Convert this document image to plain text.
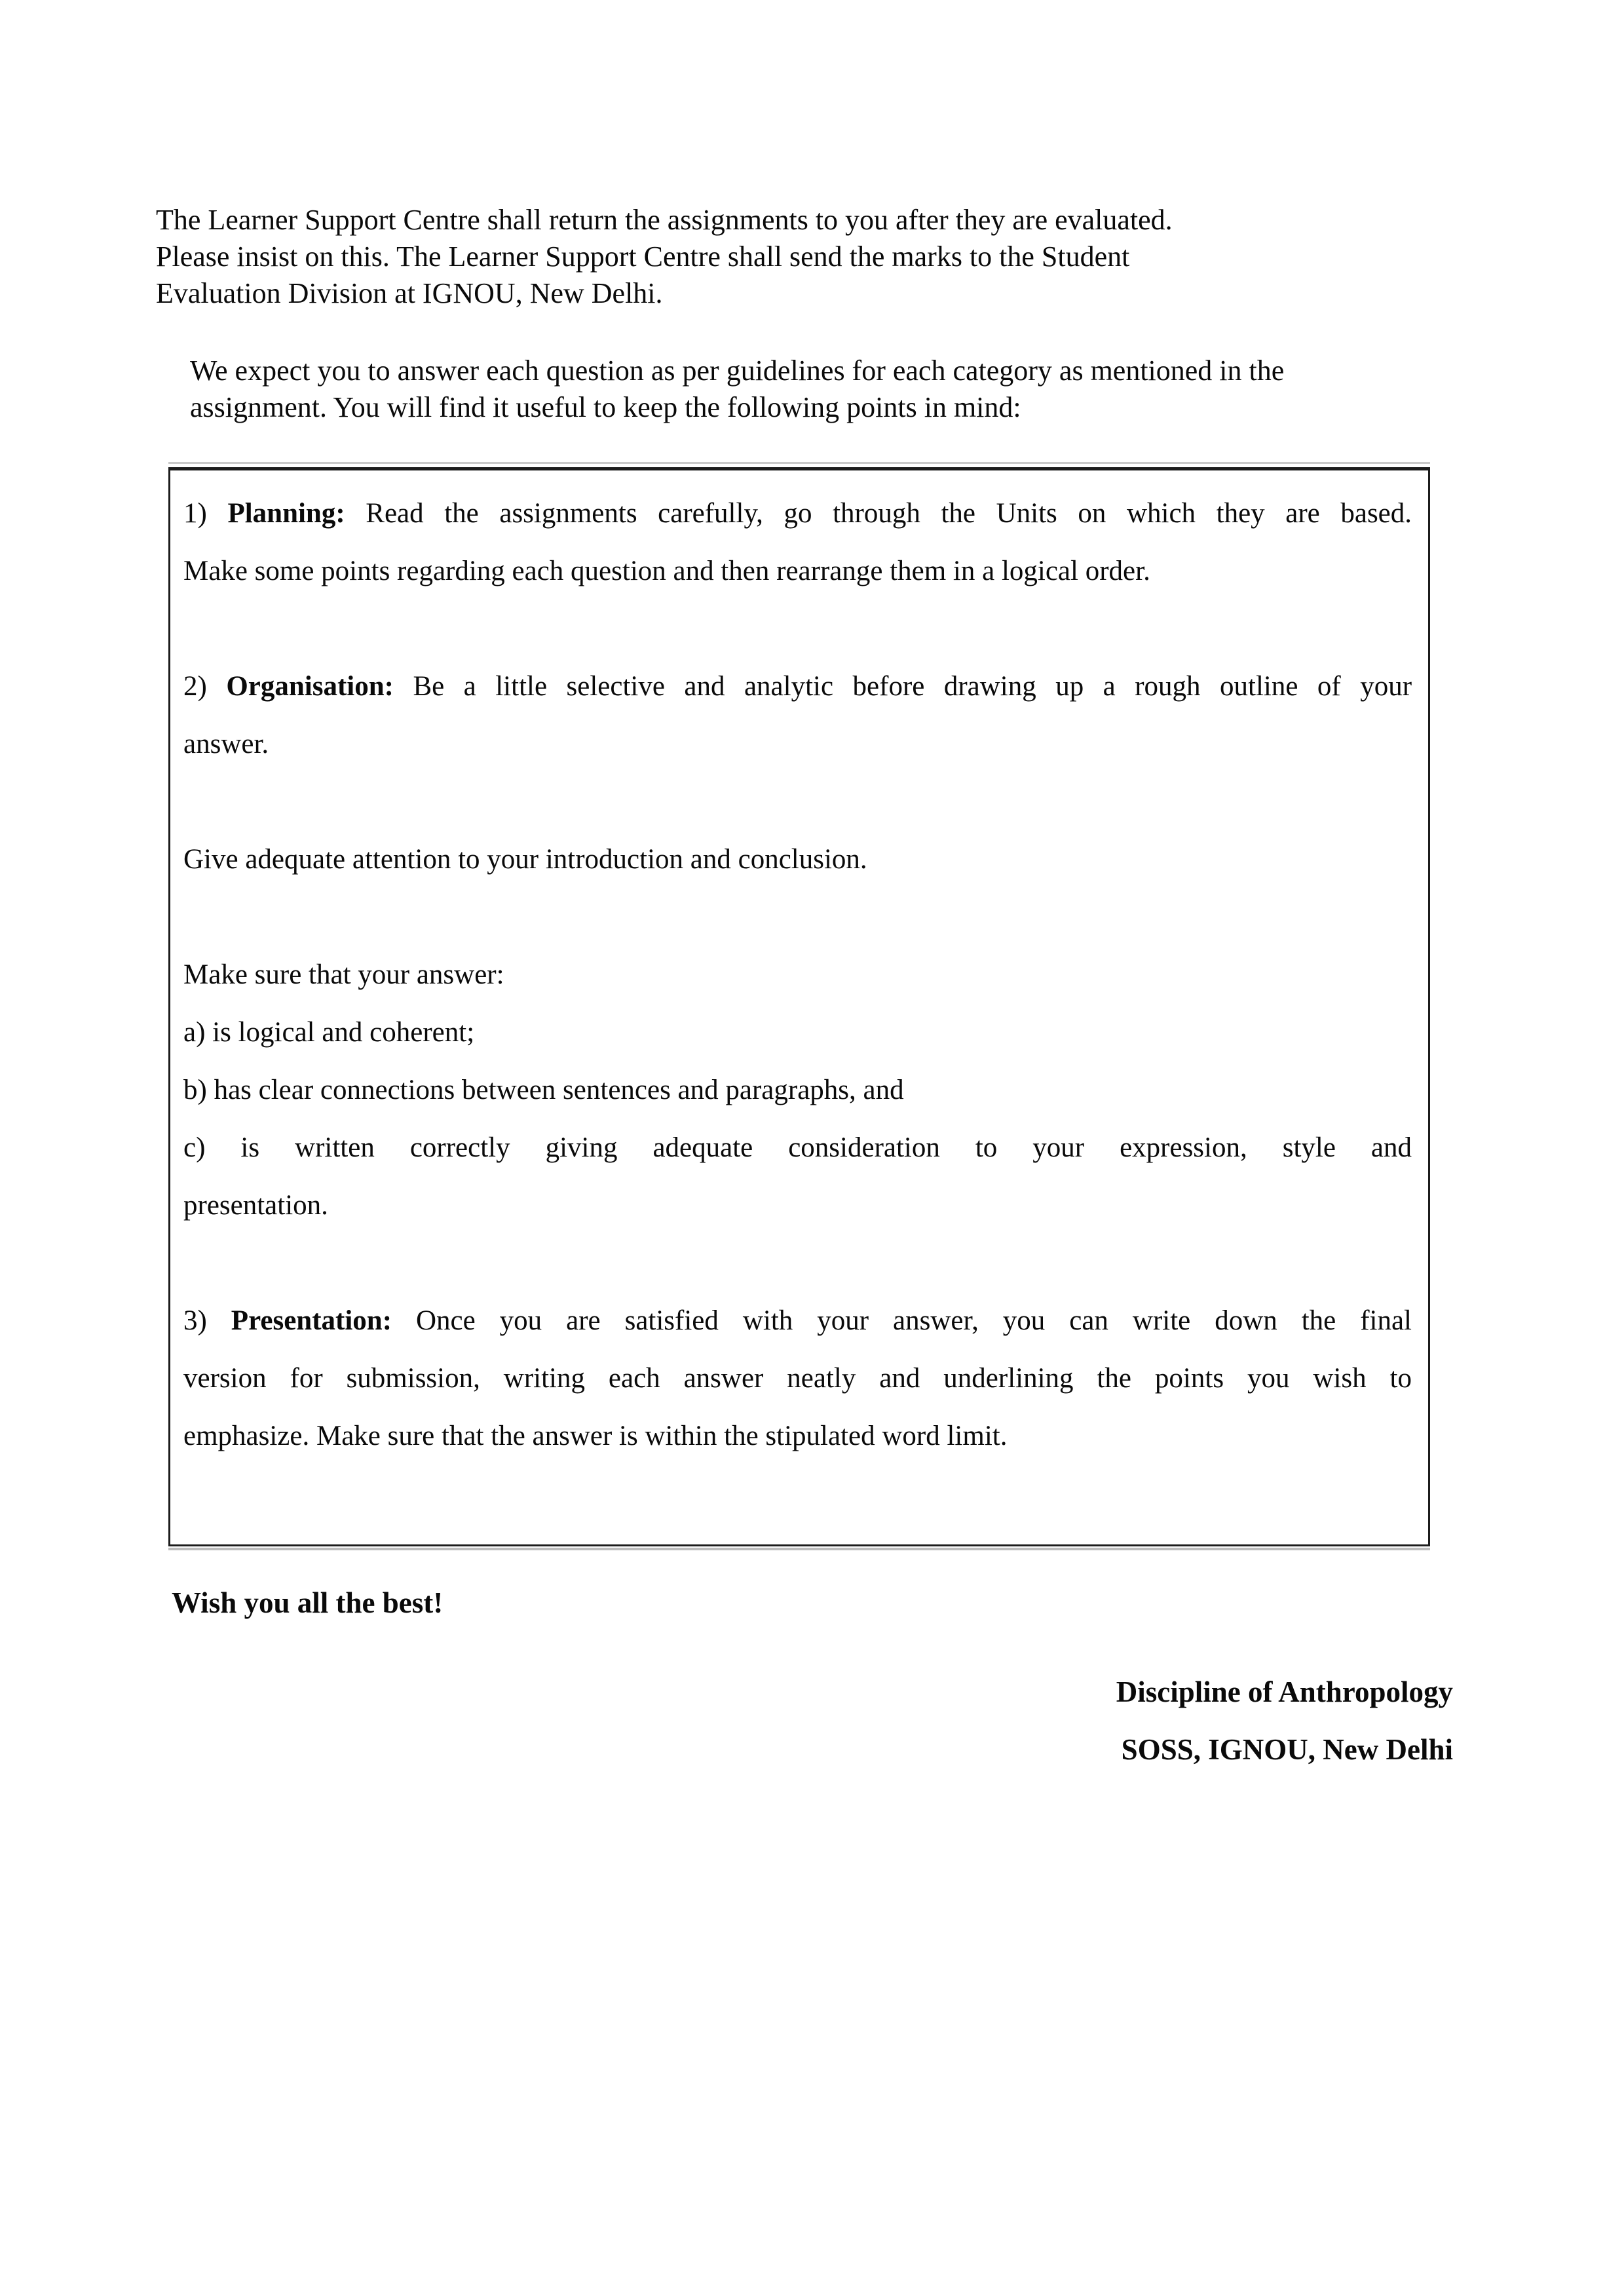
The Learner Support Centre shall return the assignments to you after they are evaluated.
Please insist on this. The Learner Support Centre shall send the marks to the Student
Evaluation Division at IGNOU, New Delhi.
We expect you to answer each question as per guidelines for each category as mentioned in the
assignment. You will find it useful to keep the following points in mind:
1) Planning: Read the assignments carefully, go through the Units on which they are based.
Make some points regarding each question and then rearrange them in a logical order.
2) Organisation: Be a little selective and analytic before drawing up a rough outline of your
answer.
Give adequate attention to your introduction and conclusion.
Make sure that your answer:
a) is logical and coherent;
b) has clear connections between sentences and paragraphs, and
c) is written correctly giving adequate consideration to your expression, style and
presentation.
3) Presentation: Once you are satisfied with your answer, you can write down the final
version for submission, writing each answer neatly and underlining the points you wish to
emphasize. Make sure that the answer is within the stipulated word limit.
Wish you all the best!
Discipline of Anthropology
SOSS, IGNOU, New Delhi
